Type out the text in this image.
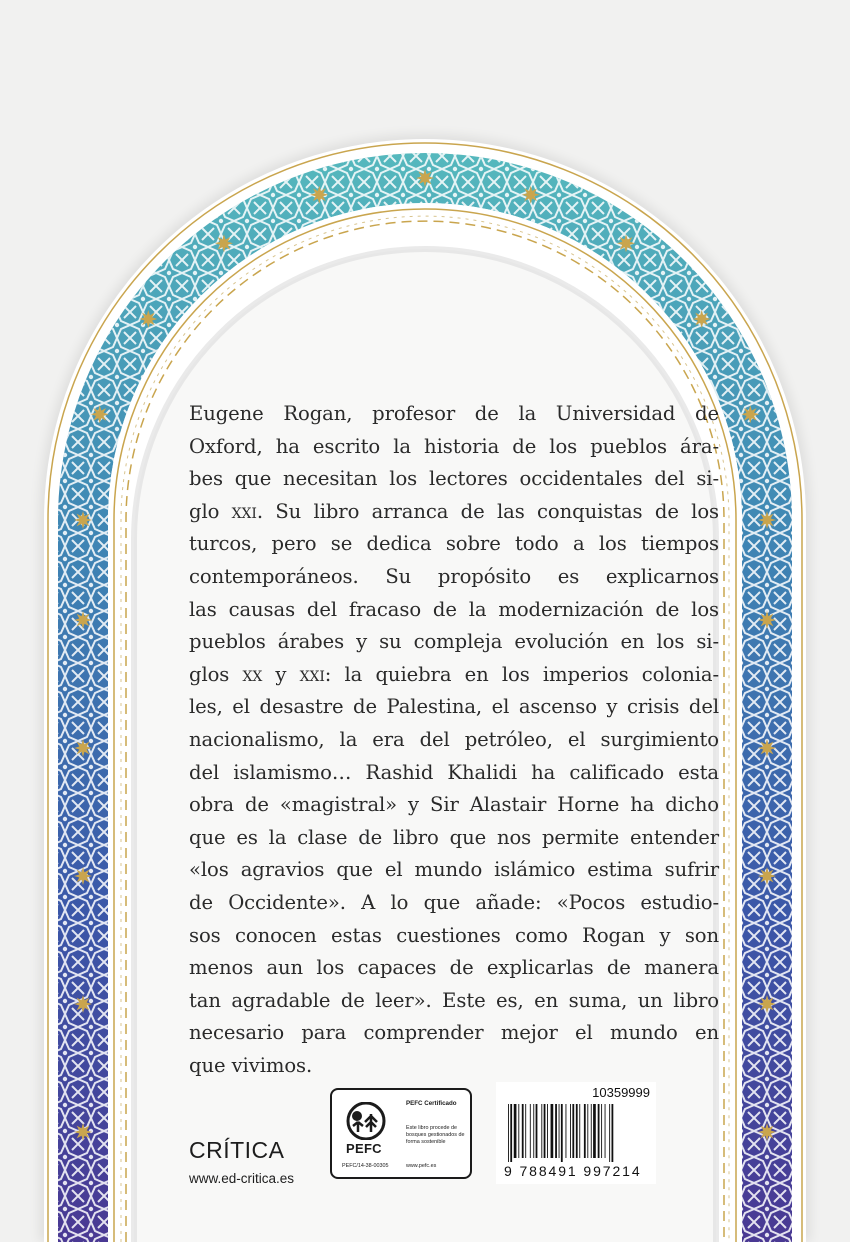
Eugene Rogan, profesor de la Universidad de
Oxford, ha escrito la historia de los pueblos ára-
bes que necesitan los lectores occidentales del si-
glo xxi. Su libro arranca de las conquistas de los
turcos, pero se dedica sobre todo a los tiempos
contemporáneos. Su propósito es explicarnos
las causas del fracaso de la modernización de los
pueblos árabes y su compleja evolución en los si-
glos xx y xxi: la quiebra en los imperios colonia-
les, el desastre de Palestina, el ascenso y crisis del
nacionalismo, la era del petróleo, el surgimiento
del islamismo… Rashid Khalidi ha calificado esta
obra de «magistral» y Sir Alastair Horne ha dicho
que es la clase de libro que nos permite entender
«los agravios que el mundo islámico estima sufrir
de Occidente». A lo que añade: «Pocos estudio-
sos conocen estas cuestiones como Rogan y son
menos aun los capaces de explicarlas de manera
tan agradable de leer». Este es, en suma, un libro
necesario para comprender mejor el mundo en
que vivimos.
CRÍTICA
www.ed-critica.es
PEFC
PEFC Certificado
Este libro procede de bosques gestionados de forma sostenible
PEFC/14-38-00305	www.pefc.es
10359999
9 788491 997214
